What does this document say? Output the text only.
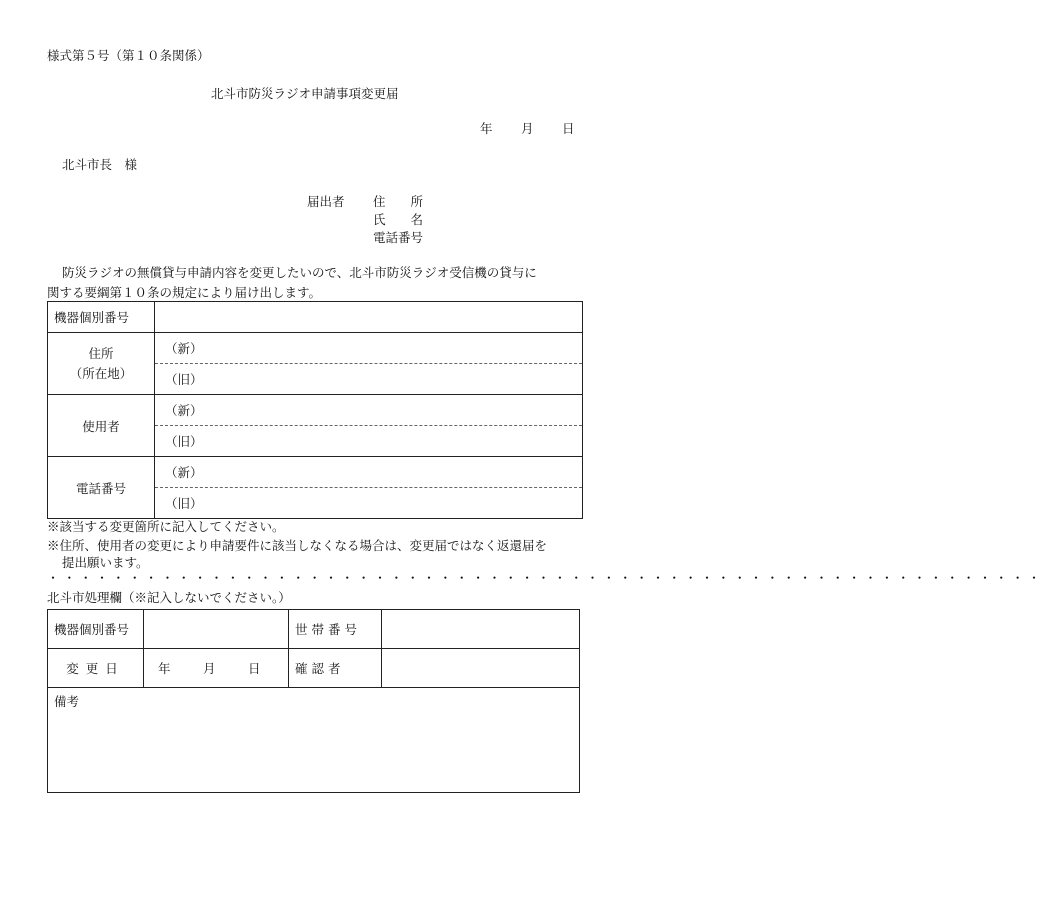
様式第５号（第１０条関係）
北斗市防災ラジオ申請事項変更届
年 月 日
北斗市長　様
届出者 住　　所
氏　　名
電話番号
防災ラジオの無償貸与申請内容を変更したいので、北斗市防災ラジオ受信機の貸与に
関する要綱第１０条の規定により届け出します。
機器個別番号	
住所
（所在地）	（新）
	（旧）
使用者	（新）
	（旧）
電話番号	（新）
	（旧）
※該当する変更箇所に記入してください。
※住所、使用者の変更により申請要件に該当しなくなる場合は、変更届ではなく返還届を
提出願います。
・・・・・・・・・・・・・・・・・・・・・・・・・・・・・・・・・・・・・・・・・・・・・・・・・・・・・・・・・・・・・
北斗市処理欄（※記入しないでください。）
機器個別番号		世帯番号	
変更日	年 月 日	確認者	
備考			
